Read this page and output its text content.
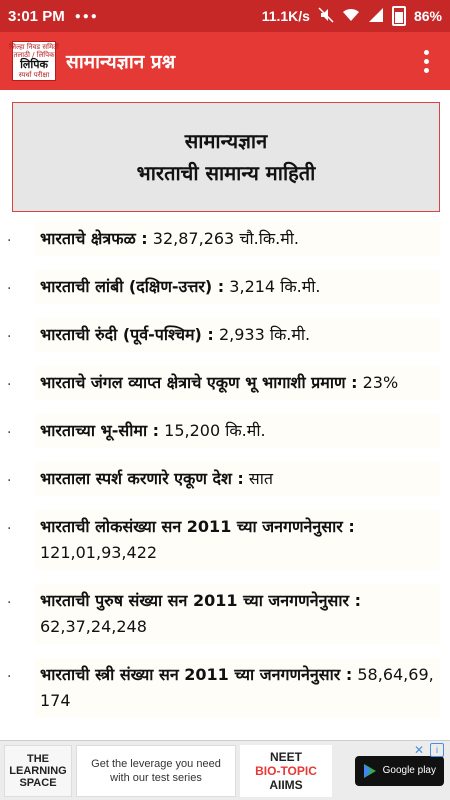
3:01 PM ●●●	11.1K/s	86%
जिल्हा निवड समिती
तलाठी / लिपिक
लिपिक
स्पर्धा परीक्षा
सामान्यज्ञान प्रश्न
सामान्यज्ञान
भारताची सामान्य माहिती
· भारताचे क्षेत्रफळ : 32,87,263 चौ.कि.मी.
· भारताची लांबी (दक्षिण-उत्तर) : 3,214 कि.मी.
· भारताची रुंदी (पूर्व-पश्चिम) : 2,933 कि.मी.
· भारताचे जंगल व्याप्त क्षेत्राचे एकूण भू भागाशी प्रमाण : 23%
· भारताच्या भू-सीमा : 15,200 कि.मी.
· भारताला स्पर्श करणारे एकूण देश : सात
· भारताची लोकसंख्या सन 2011 च्या जनगणनेनुसार : 121,01,93,422
· भारताची पुरुष संख्या सन 2011 च्या जनगणनेनुसार : 62,37,24,248
· भारताची स्त्री संख्या सन 2011 च्या जनगणनेनुसार : 58,64,69, 174
THE
LEARNING
SPACE
Get the leverage you need with our test series
NEET
BIO-TOPIC
AIIMS
Google play
✕	i
